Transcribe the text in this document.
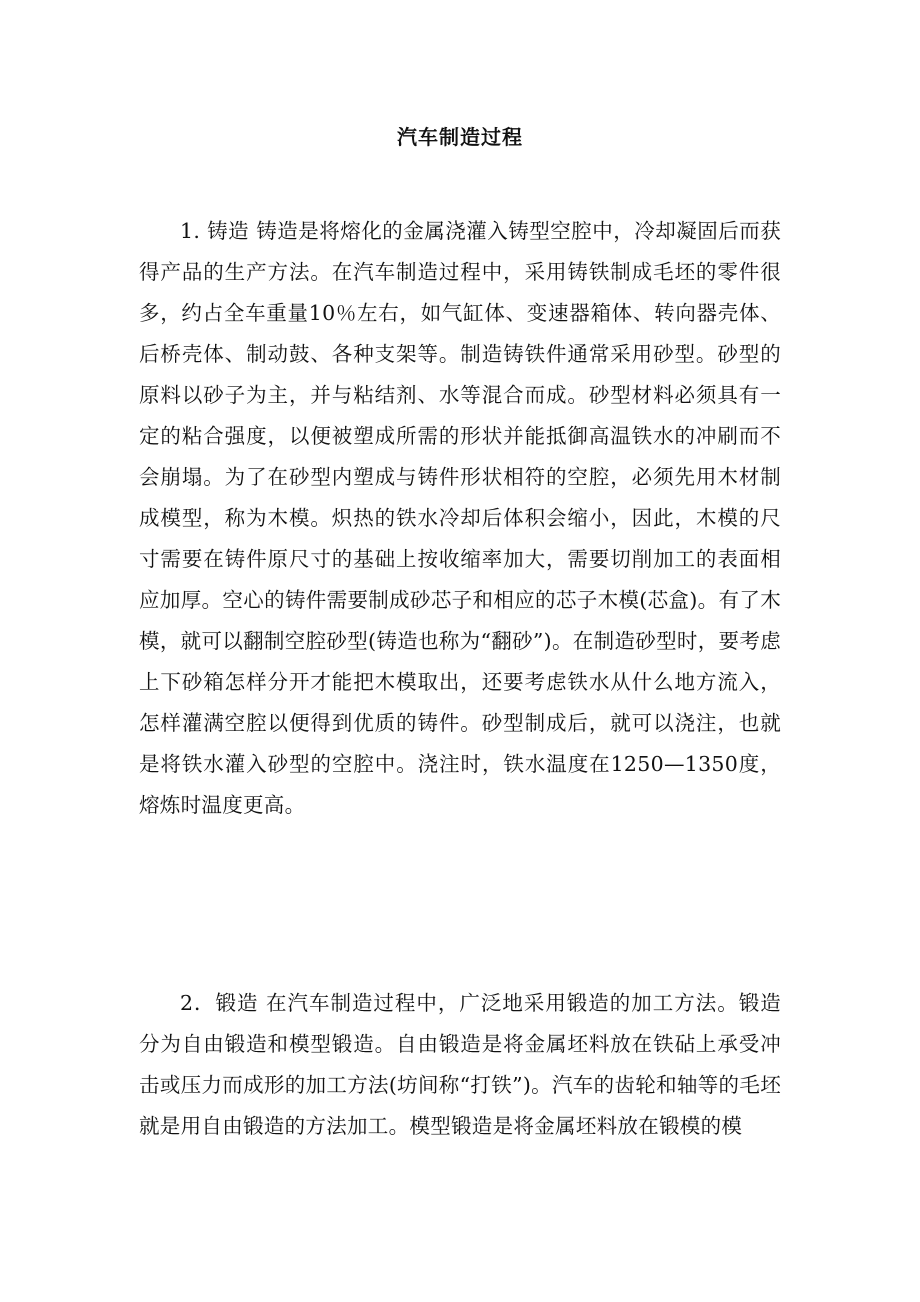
汽车制造过程

1. 铸造 铸造是将熔化的金属浇灌入铸型空腔中，冷却凝固后而获得产品的生产方法。在汽车制造过程中，采用铸铁制成毛坯的零件很多，约占全车重量10％左右，如气缸体、变速器箱体、转向器壳体、后桥壳体、制动鼓、各种支架等。制造铸铁件通常采用砂型。砂型的原料以砂子为主，并与粘结剂、水等混合而成。砂型材料必须具有一定的粘合强度，以便被塑成所需的形状并能抵御高温铁水的冲刷而不会崩塌。为了在砂型内塑成与铸件形状相符的空腔，必须先用木材制成模型，称为木模。炽热的铁水冷却后体积会缩小，因此，木模的尺寸需要在铸件原尺寸的基础上按收缩率加大，需要切削加工的表面相应加厚。空心的铸件需要制成砂芯子和相应的芯子木模(芯盒)。有了木模，就可以翻制空腔砂型(铸造也称为“翻砂”)。在制造砂型时，要考虑上下砂箱怎样分开才能把木模取出，还要考虑铁水从什么地方流入，怎样灌满空腔以便得到优质的铸件。砂型制成后，就可以浇注，也就是将铁水灌入砂型的空腔中。浇注时，铁水温度在1250—1350度，熔炼时温度更高。

2．锻造 在汽车制造过程中，广泛地采用锻造的加工方法。锻造分为自由锻造和模型锻造。自由锻造是将金属坯料放在铁砧上承受冲击或压力而成形的加工方法(坊间称“打铁”)。汽车的齿轮和轴等的毛坯就是用自由锻造的方法加工。模型锻造是将金属坯料放在锻模的模
